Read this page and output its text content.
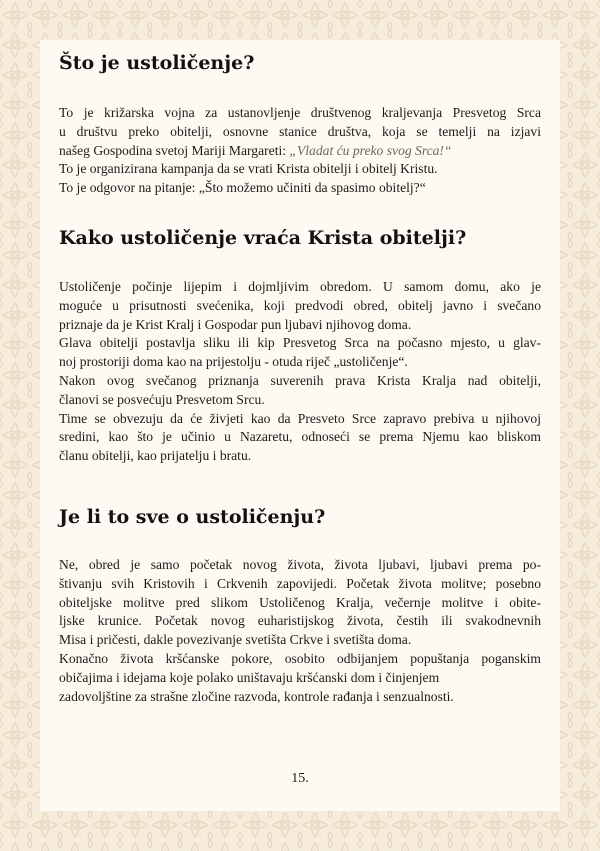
Što je ustoličenje?
To je križarska vojna za ustanovljenje društvenog kraljevanja Presvetog Srca
u društvu preko obitelji, osnovne stanice društva, koja se temelji na izjavi
našeg Gospodina svetoj Mariji Margareti: „Vladat ću preko svog Srca!“
To je organizirana kampanja da se vrati Krista obitelji i obitelj Kristu.
To je odgovor na pitanje: „Što možemo učiniti da spasimo obitelj?“
Kako ustoličenje vraća Krista obitelji?
Ustoličenje počinje lijepim i dojmljivim obredom. U samom domu, ako je
moguće u prisutnosti svećenika, koji predvodi obred, obitelj javno i svečano
priznaje da je Krist Kralj i Gospodar pun ljubavi njihovog doma.
Glava obitelji postavlja sliku ili kip Presvetog Srca na počasno mjesto, u glav-
noj prostoriji doma kao na prijestolju - otuda riječ „ustoličenje“.
Nakon ovog svečanog priznanja suverenih prava Krista Kralja nad obitelji,
članovi se posvećuju Presvetom Srcu.
Time se obvezuju da će živjeti kao da Presveto Srce zapravo prebiva u njihovoj
sredini, kao što je učinio u Nazaretu, odnoseći se prema Njemu kao bliskom
članu obitelji, kao prijatelju i bratu.
Je li to sve o ustoličenju?
Ne, obred je samo početak novog života, života ljubavi, ljubavi prema po-
štivanju svih Kristovih i Crkvenih zapovijedi. Početak života molitve; posebno
obiteljske molitve pred slikom Ustoličenog Kralja, večernje molitve i obite-
ljske krunice. Početak novog euharistijskog života, čestih ili svakodnevnih
Misa i pričesti, dakle povezivanje svetišta Crkve i svetišta doma.
Konačno života kršćanske pokore, osobito odbijanjem popuštanja poganskim
običajima i idejama koje polako uništavaju kršćanski dom i činjenjem
zadovoljštine za strašne zločine razvoda, kontrole rađanja i senzualnosti.
15.
